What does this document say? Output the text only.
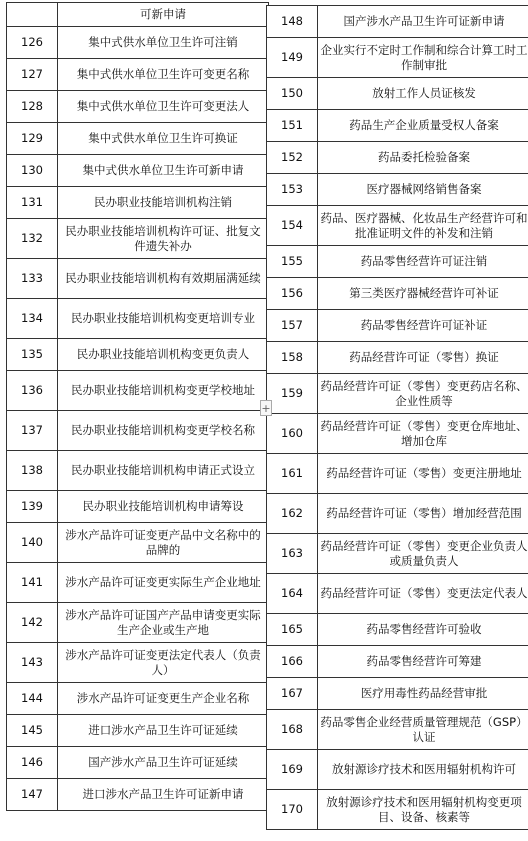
	可新申请
126	集中式供水单位卫生许可注销
127	集中式供水单位卫生许可变更名称
128	集中式供水单位卫生许可变更法人
129	集中式供水单位卫生许可换证
130	集中式供水单位卫生许可新申请
131	民办职业技能培训机构注销
132	民办职业技能培训机构许可证、批复文件遗失补办
133	民办职业技能培训机构有效期届满延续
134	民办职业技能培训机构变更培训专业
135	民办职业技能培训机构变更负责人
136	民办职业技能培训机构变更学校地址
137	民办职业技能培训机构变更学校名称
138	民办职业技能培训机构申请正式设立
139	民办职业技能培训机构申请筹设
140	涉水产品许可证变更产品中文名称中的品牌的
141	涉水产品许可证变更实际生产企业地址
142	涉水产品许可证国产产品申请变更实际生产企业或生产地
143	涉水产品许可证变更法定代表人（负责人）
144	涉水产品许可证变更生产企业名称
145	进口涉水产品卫生许可证延续
146	国产涉水产品卫生许可证延续
147	进口涉水产品卫生许可证新申请
148	国产涉水产品卫生许可证新申请
149	企业实行不定时工作制和综合计算工时工作制审批
150	放射工作人员证核发
151	药品生产企业质量受权人备案
152	药品委托检验备案
153	医疗器械网络销售备案
154	药品、医疗器械、化妆品生产经营许可和批准证明文件的补发和注销
155	药品零售经营许可证注销
156	第三类医疗器械经营许可补证
157	药品零售经营许可证补证
158	药品经营许可证（零售）换证
159	药品经营许可证（零售）变更药店名称、企业性质等
160	药品经营许可证（零售）变更仓库地址、增加仓库
161	药品经营许可证（零售）变更注册地址
162	药品经营许可证（零售）增加经营范围
163	药品经营许可证（零售）变更企业负责人或质量负责人
164	药品经营许可证（零售）变更法定代表人
165	药品零售经营许可验收
166	药品零售经营许可筹建
167	医疗用毒性药品经营审批
168	药品零售企业经营质量管理规范（GSP）认证
169	放射源诊疗技术和医用辐射机构许可
170	放射源诊疗技术和医用辐射机构变更项目、设备、核素等
+
